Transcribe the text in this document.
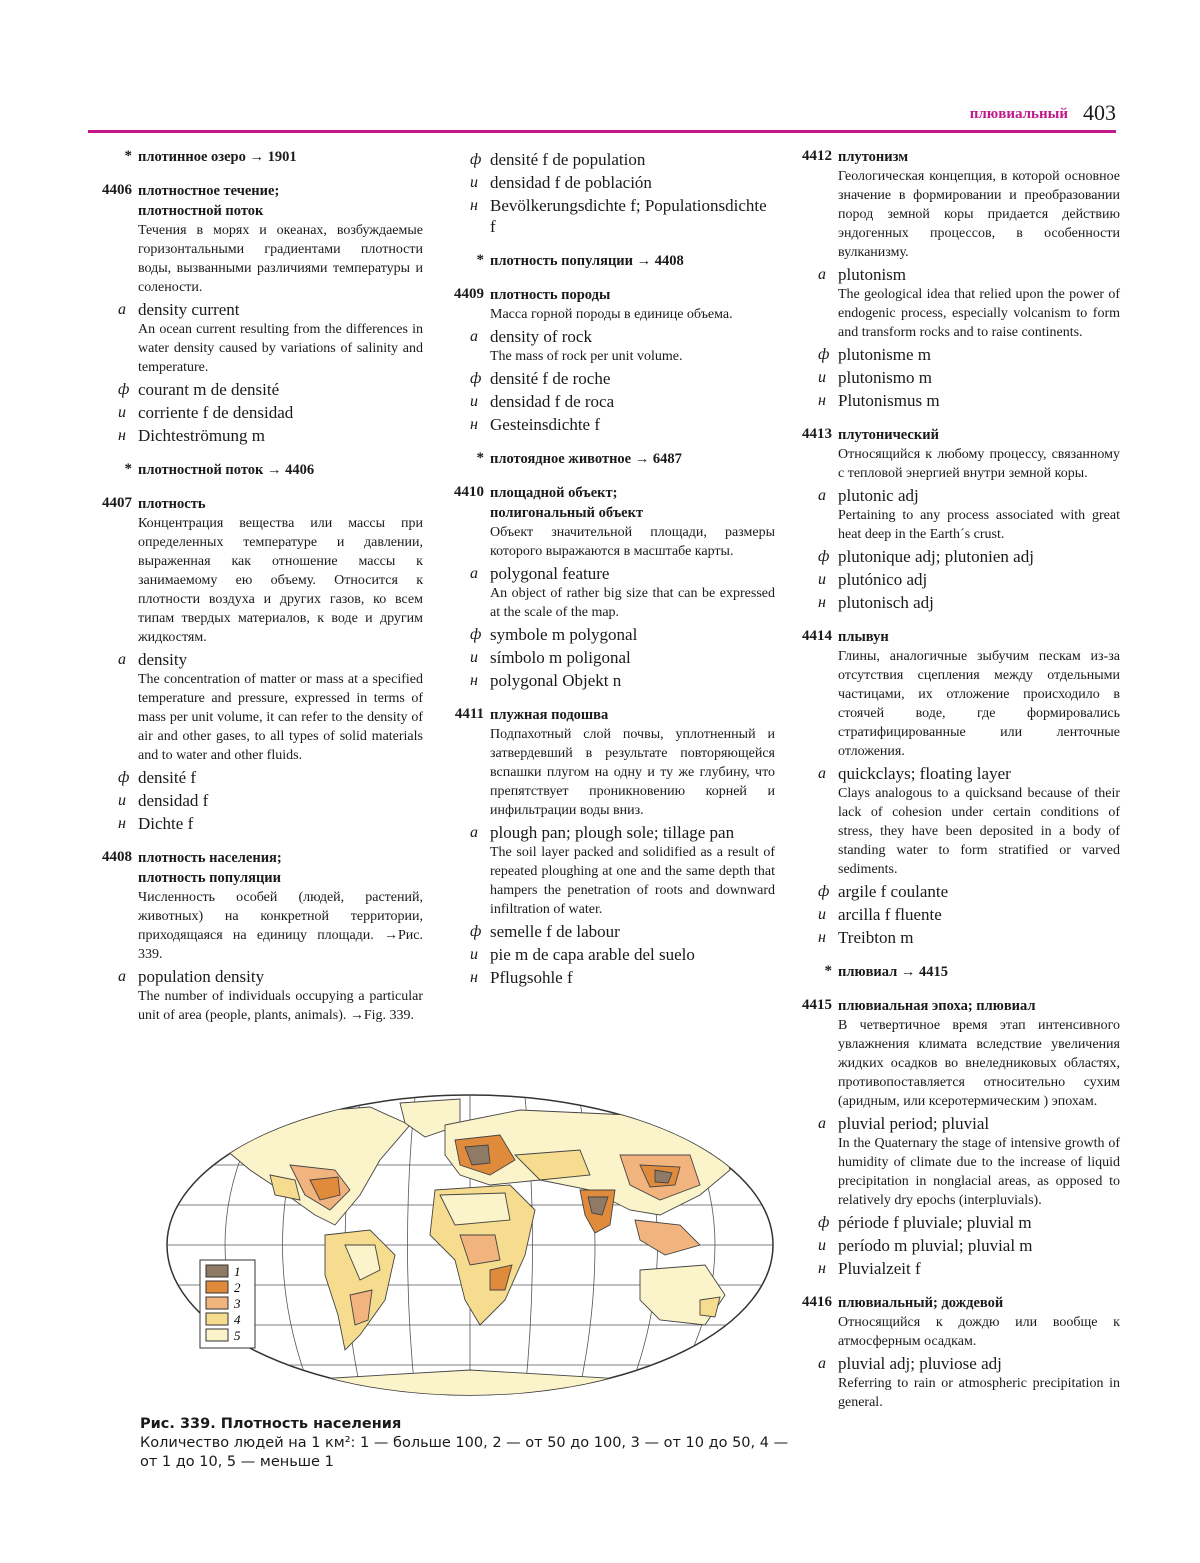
плювиальный 403
* плотинное озеро → 1901
4406 плотностное течение;
плотностной поток
Течения в морях и океанах, возбуждаемые горизонтальными градиентами плотности воды, вызванными различиями температуры и солености.
a density current
An ocean current resulting from the differences in water density caused by variations of salinity and temperature.
ф courant m de densité
и corriente f de densidad
н Dichteströmung m
* плотностной поток → 4406
4407 плотность
Концентрация вещества или массы при определенных температуре и давлении, выраженная как отношение массы к занимаемому ею объему. Относится к плотности воздуха и других газов, ко всем типам твердых материалов, к воде и другим жидкостям.
a density
The concentration of matter or mass at a specified temperature and pressure, expressed in terms of mass per unit volume, it can refer to the density of air and other gases, to all types of solid materials and to water and other fluids.
ф densité f
и densidad f
н Dichte f
4408 плотность населения;
плотность популяции
Численность особей (людей, растений, животных) на конкретной территории, приходящаяся на единицу площади. →Рис. 339.
a population density
The number of individuals occupying a particular unit of area (people, plants, animals). →Fig. 339.
ф densité f de population
и densidad f de población
н Bevölkerungsdichte f; Populationsdichte f
* плотность популяции → 4408
4409 плотность породы
Масса горной породы в единице объема.
a density of rock
The mass of rock per unit volume.
ф densité f de roche
и densidad f de roca
н Gesteinsdichte f
* плотоядное животное → 6487
4410 площадной объект;
полигональный объект
Объект значительной площади, размеры которого выражаются в масштабе карты.
a polygonal feature
An object of rather big size that can be expressed at the scale of the map.
ф symbole m polygonal
и símbolo m poligonal
н polygonal Objekt n
4411 плужная подошва
Подпахотный слой почвы, уплотненный и затвердевший в результате повторяющейся вспашки плугом на одну и ту же глубину, что препятствует проникновению корней и инфильтрации воды вниз.
a plough pan; plough sole; tillage pan
The soil layer packed and solidified as a result of repeated ploughing at one and the same depth that hampers the penetration of roots and downward infiltration of water.
ф semelle f de labour
и pie m de capa arable del suelo
н Pflugsohle f
4412 плутонизм
Геологическая концепция, в которой основное значение в формировании и преобразовании пород земной коры придается действию эндогенных процессов, в особенности вулканизму.
a plutonism
The geological idea that relied upon the power of endogenic process, especially volcanism to form and transform rocks and to raise continents.
ф plutonisme m
и plutonismo m
н Plutonismus m
4413 плутонический
Относящийся к любому процессу, связанному с тепловой энергией внутри земной коры.
a plutonic adj
Pertaining to any process associated with great heat deep in the Earth´s crust.
ф plutonique adj; plutonien adj
и plutónico adj
н plutonisch adj
4414 плывун
Глины, аналогичные зыбучим пескам из-за отсутствия сцепления между отдельными частицами, их отложение происходило в стоячей воде, где формировались стратифицированные или ленточные отложения.
a quickclays; floating layer
Clays analogous to a quicksand because of their lack of cohesion under certain conditions of stress, they have been deposited in a body of standing water to form stratified or varved sediments.
ф argile f coulante
и arcilla f fluente
н Treibton m
* плювиал → 4415
4415 плювиальная эпоха; плювиал
В четвертичное время этап интенсивного увлажнения климата вследствие увеличения жидких осадков во внеледниковых областях, противопоставляется относительно сухим (аридным, или ксеротермическим ) эпохам.
a pluvial period; pluvial
In the Quaternary the stage of intensive growth of humidity of climate due to the increase of liquid precipitation in nonglacial areas, as opposed to relatively dry epochs (interpluvials).
ф période f pluviale; pluvial m
и período m pluvial; pluvial m
н Pluvialzeit f
4416 плювиальный; дождевой
Относящийся к дождю или вообще к атмосферным осадкам.
a pluvial adj; pluviose adj
Referring to rain or atmospheric precipitation in general.
1
2
3
4
5
Рис. 339. Плотность населения
Количество людей на 1 км²: 1 — больше 100, 2 — от 50 до 100, 3 — от 10 до 50, 4 — от 1 до 10, 5 — меньше 1
